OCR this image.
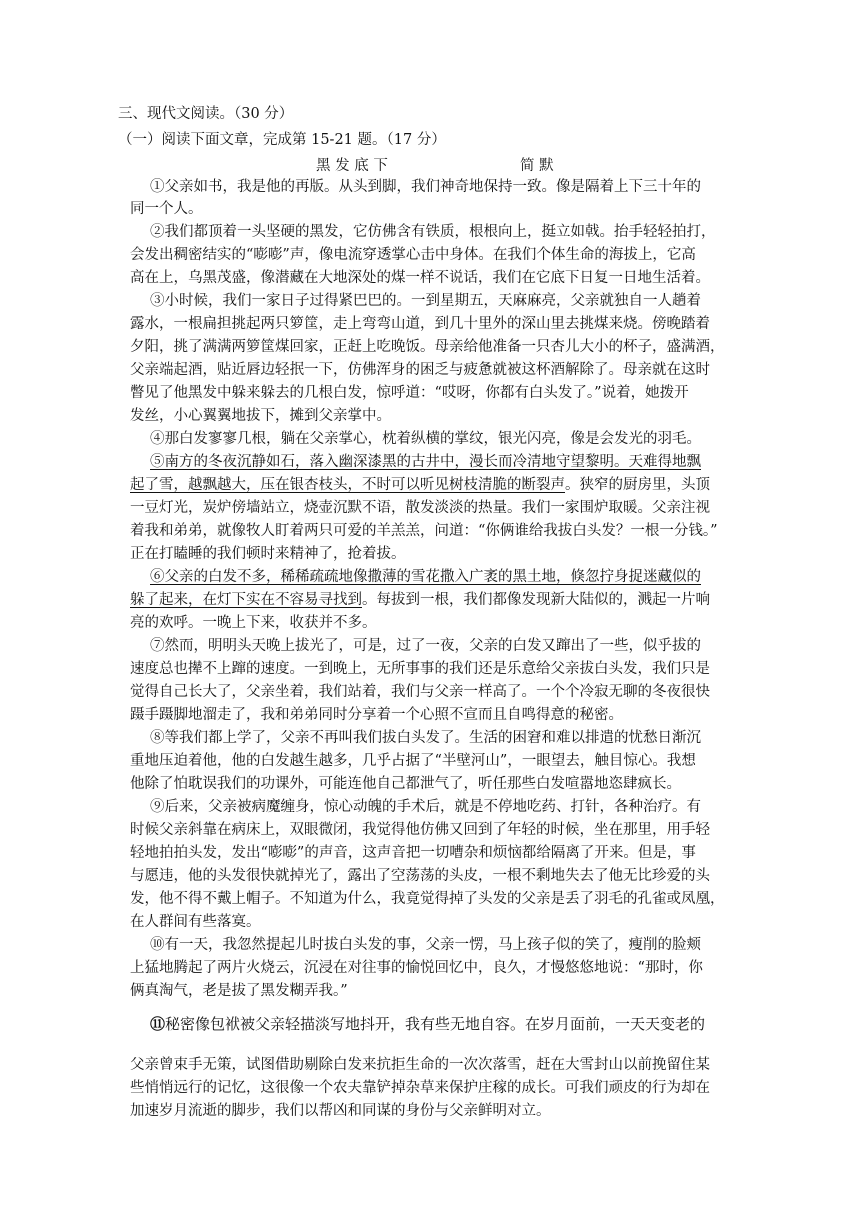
三、现代文阅读。（30 分）
（一）阅读下面文章，完成第 15-21 题。（17 分）
黑 发 底 下	简 默
①父亲如书，我是他的再版。从头到脚，我们神奇地保持一致。像是隔着上下三十年的
同一个人。
②我们都顶着一头坚硬的黑发，它仿佛含有铁质，根根向上，挺立如戟。抬手轻轻拍打，
会发出稠密结实的“嘭嘭”声，像电流穿透掌心击中身体。在我们个体生命的海拔上，它高
高在上，乌黑茂盛，像潜藏在大地深处的煤一样不说话，我们在它底下日复一日地生活着。
③小时候，我们一家日子过得紧巴巴的。一到星期五，天麻麻亮，父亲就独自一人趟着
露水，一根扁担挑起两只箩筐，走上弯弯山道，到几十里外的深山里去挑煤来烧。傍晚踏着
夕阳，挑了满满两箩筐煤回家，正赶上吃晚饭。母亲给他准备一只杏儿大小的杯子，盛满酒，
父亲端起酒，贴近唇边轻抿一下，仿佛浑身的困乏与疲惫就被这杯酒解除了。母亲就在这时
瞥见了他黑发中躲来躲去的几根白发，惊呼道：“哎呀，你都有白头发了。”说着，她拨开
发丝，小心翼翼地拔下，摊到父亲掌中。
④那白发寥寥几根，躺在父亲掌心，枕着纵横的掌纹，银光闪亮，像是会发光的羽毛。
⑤南方的冬夜沉静如石，落入幽深漆黑的古井中，漫长而冷清地守望黎明。天难得地飘
起了雪，越飘越大，压在银杏枝头，不时可以听见树枝清脆的断裂声。狭窄的厨房里，头顶
一豆灯光，炭炉傍墙站立，烧壶沉默不语，散发淡淡的热量。我们一家围炉取暖。父亲注视
着我和弟弟，就像牧人盯着两只可爱的羊羔羔，问道：“你俩谁给我拔白头发？一根一分钱。”
正在打瞌睡的我们顿时来精神了，抢着拔。
⑥父亲的白发不多，稀稀疏疏地像撒薄的雪花撒入广袤的黑土地，倏忽拧身捉迷藏似的
躲了起来，在灯下实在不容易寻找到。每拔到一根，我们都像发现新大陆似的，溅起一片响
亮的欢呼。一晚上下来，收获并不多。
⑦然而，明明头天晚上拔光了，可是，过了一夜，父亲的白发又蹿出了一些，似乎拔的
速度总也撵不上蹿的速度。一到晚上，无所事事的我们还是乐意给父亲拔白头发，我们只是
觉得自己长大了，父亲坐着，我们站着，我们与父亲一样高了。一个个冷寂无聊的冬夜很快
蹑手蹑脚地溜走了，我和弟弟同时分享着一个心照不宣而且自鸣得意的秘密。
⑧等我们都上学了，父亲不再叫我们拔白头发了。生活的困窘和难以排遣的忧愁日渐沉
重地压迫着他，他的白发越生越多，几乎占据了“半壁河山”，一眼望去，触目惊心。我想
他除了怕耽误我们的功课外，可能连他自己都泄气了，听任那些白发喧嚣地恣肆疯长。
⑨后来，父亲被病魔缠身，惊心动魄的手术后，就是不停地吃药、打针，各种治疗。有
时候父亲斜靠在病床上，双眼微闭，我觉得他仿佛又回到了年轻的时候，坐在那里，用手轻
轻地拍拍头发，发出“嘭嘭”的声音，这声音把一切嘈杂和烦恼都给隔离了开来。但是，事
与愿违，他的头发很快就掉光了，露出了空荡荡的头皮，一根不剩地失去了他无比珍爱的头
发，他不得不戴上帽子。不知道为什么，我竟觉得掉了头发的父亲是丢了羽毛的孔雀或凤凰，
在人群间有些落寞。
⑩有一天，我忽然提起儿时拔白头发的事，父亲一愣，马上孩子似的笑了，瘦削的脸颊
上猛地腾起了两片火烧云，沉浸在对往事的愉悦回忆中，良久，才慢悠悠地说：“那时，你
俩真淘气，老是拔了黑发糊弄我。”
⑪秘密像包袱被父亲轻描淡写地抖开，我有些无地自容。在岁月面前，一天天变老的
父亲曾束手无策，试图借助剔除白发来抗拒生命的一次次落雪，赶在大雪封山以前挽留住某
些悄悄远行的记忆，这很像一个农夫靠铲掉杂草来保护庄稼的成长。可我们顽皮的行为却在
加速岁月流逝的脚步，我们以帮凶和同谋的身份与父亲鲜明对立。
